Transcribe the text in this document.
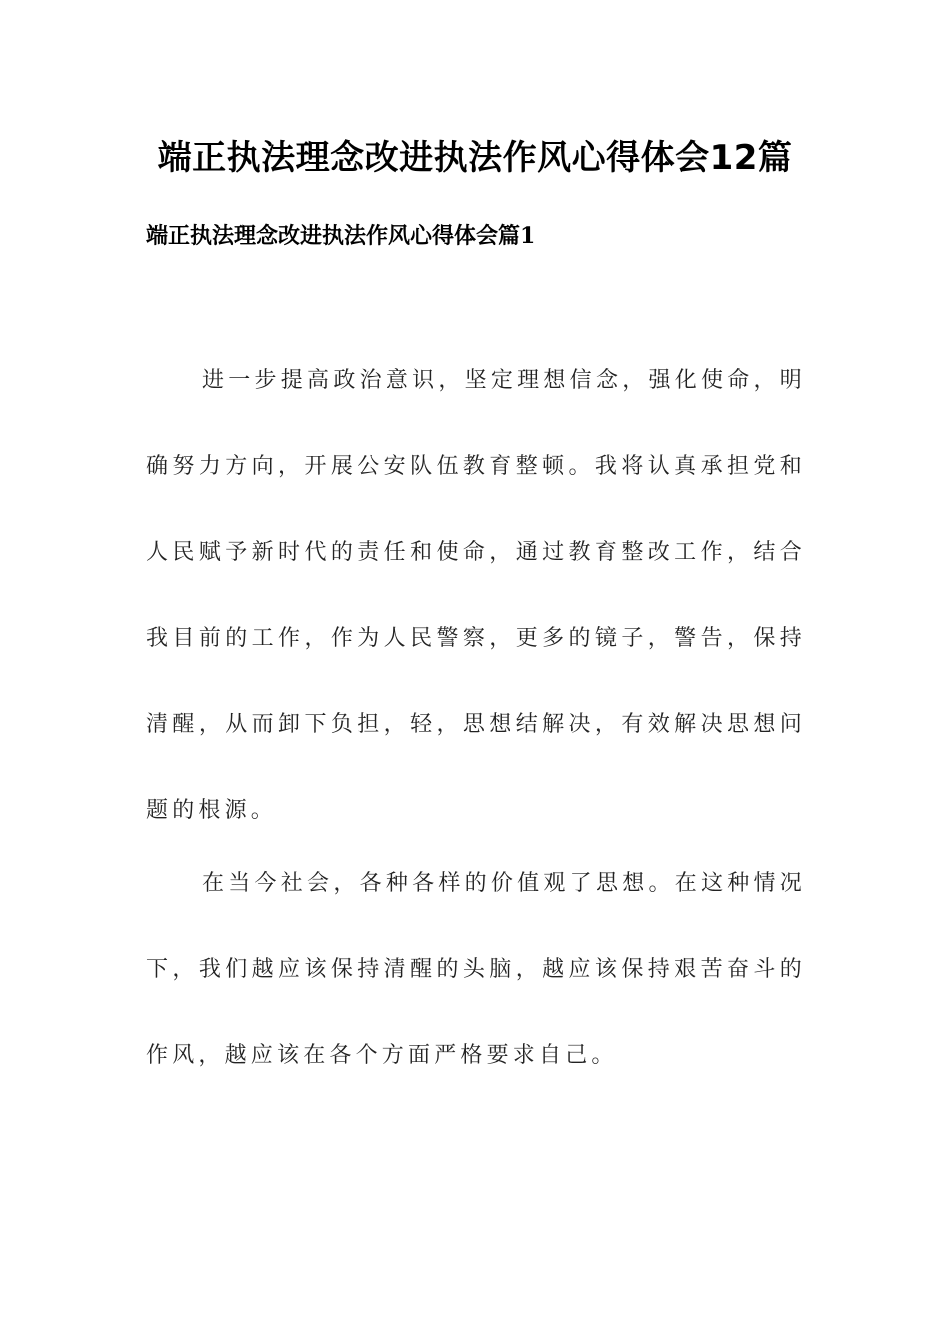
端正执法理念改进执法作风心得体会12篇
端正执法理念改进执法作风心得体会篇1

进一步提高政治意识，坚定理想信念，强化使命，明确努力方向，开展公安队伍教育整顿。我将认真承担党和人民赋予新时代的责任和使命，通过教育整改工作，结合我目前的工作，作为人民警察，更多的镜子，警告，保持清醒，从而卸下负担，轻，思想结解决，有效解决思想问题的根源。

在当今社会，各种各样的价值观了思想。在这种情况下，我们越应该保持清醒的头脑，越应该保持艰苦奋斗的作风，越应该在各个方面严格要求自己。
